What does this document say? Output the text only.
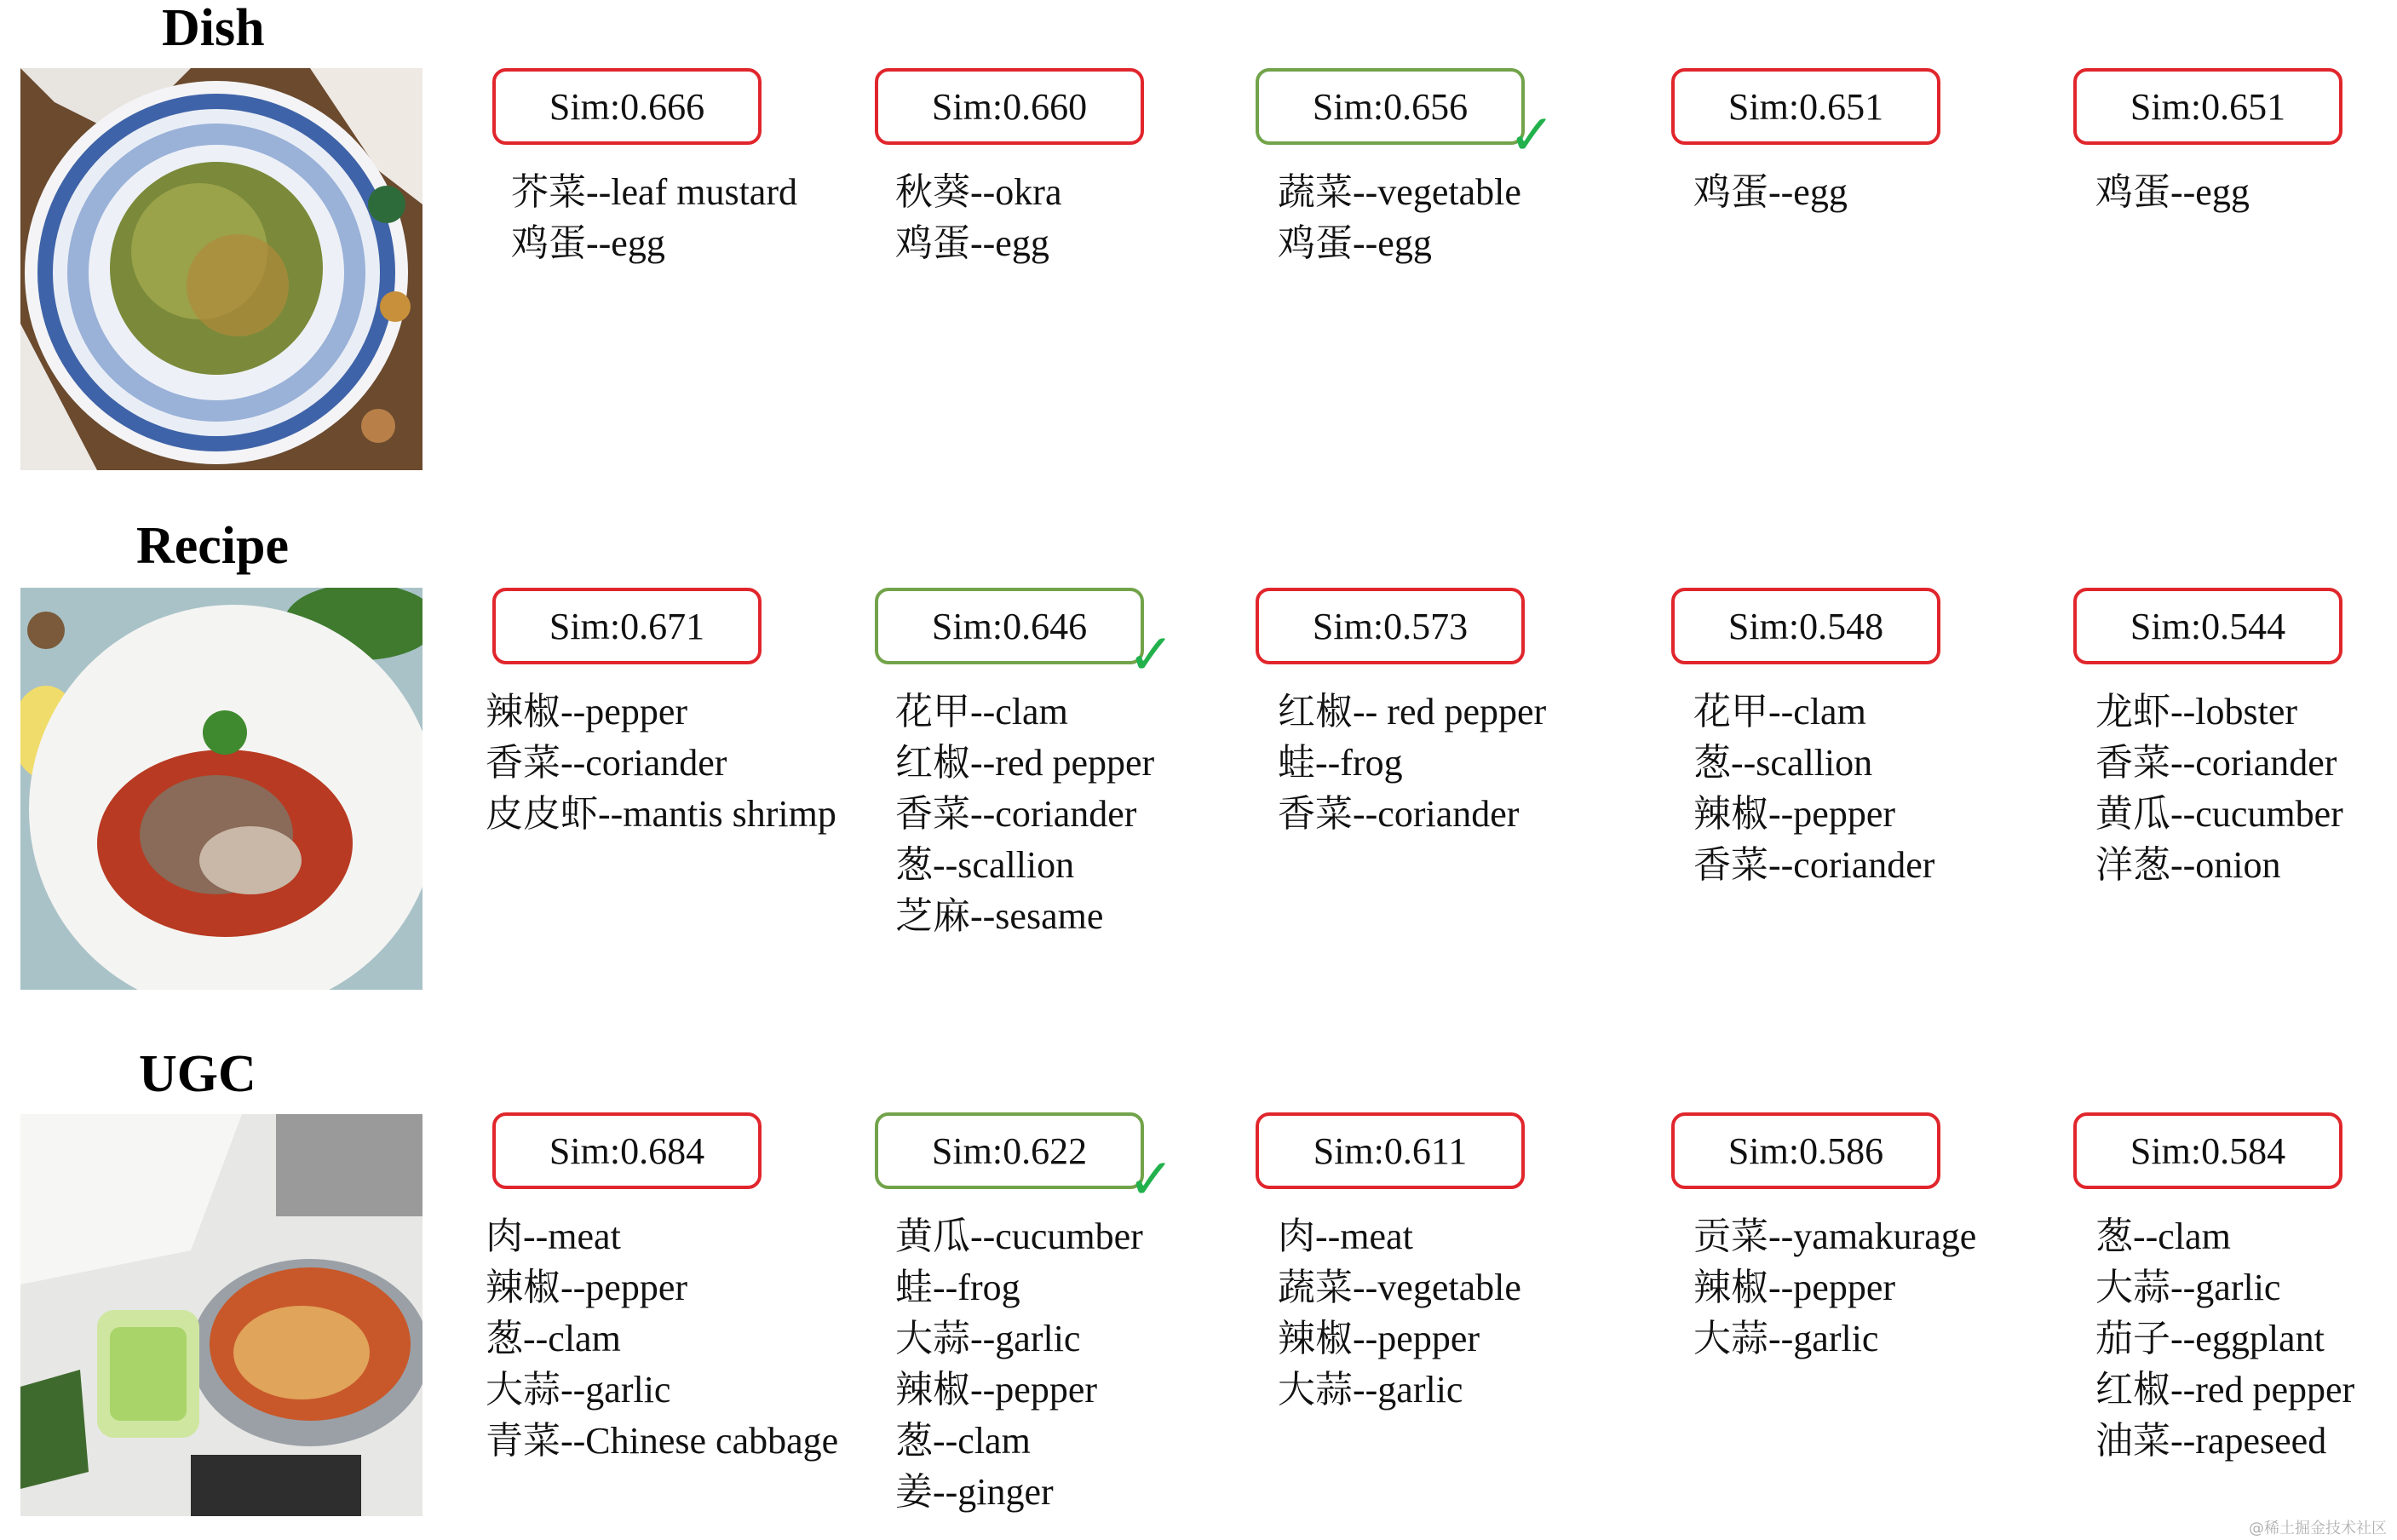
Dish
Recipe
UGC
Sim:0.666
芥菜--leaf mustard
鸡蛋--egg
Sim:0.660
秋葵--okra
鸡蛋--egg
Sim:0.656 ✓
蔬菜--vegetable
鸡蛋--egg
Sim:0.651
鸡蛋--egg
Sim:0.651
鸡蛋--egg
Sim:0.671
辣椒--pepper
香菜--coriander
皮皮虾--mantis shrimp
Sim:0.646 ✓
花甲--clam
红椒--red pepper
香菜--coriander
葱--scallion
芝麻--sesame
Sim:0.573
红椒-- red pepper
蛙--frog
香菜--coriander
Sim:0.548
花甲--clam
葱--scallion
辣椒--pepper
香菜--coriander
Sim:0.544
龙虾--lobster
香菜--coriander
黄瓜--cucumber
洋葱--onion
Sim:0.684
肉--meat
辣椒--pepper
葱--clam
大蒜--garlic
青菜--Chinese cabbage
Sim:0.622 ✓
黄瓜--cucumber
蛙--frog
大蒜--garlic
辣椒--pepper
葱--clam
姜--ginger
Sim:0.611
肉--meat
蔬菜--vegetable
辣椒--pepper
大蒜--garlic
Sim:0.586
贡菜--yamakurage
辣椒--pepper
大蒜--garlic
Sim:0.584
葱--clam
大蒜--garlic
茄子--eggplant
红椒--red pepper
油菜--rapeseed
@稀土掘金技术社区
